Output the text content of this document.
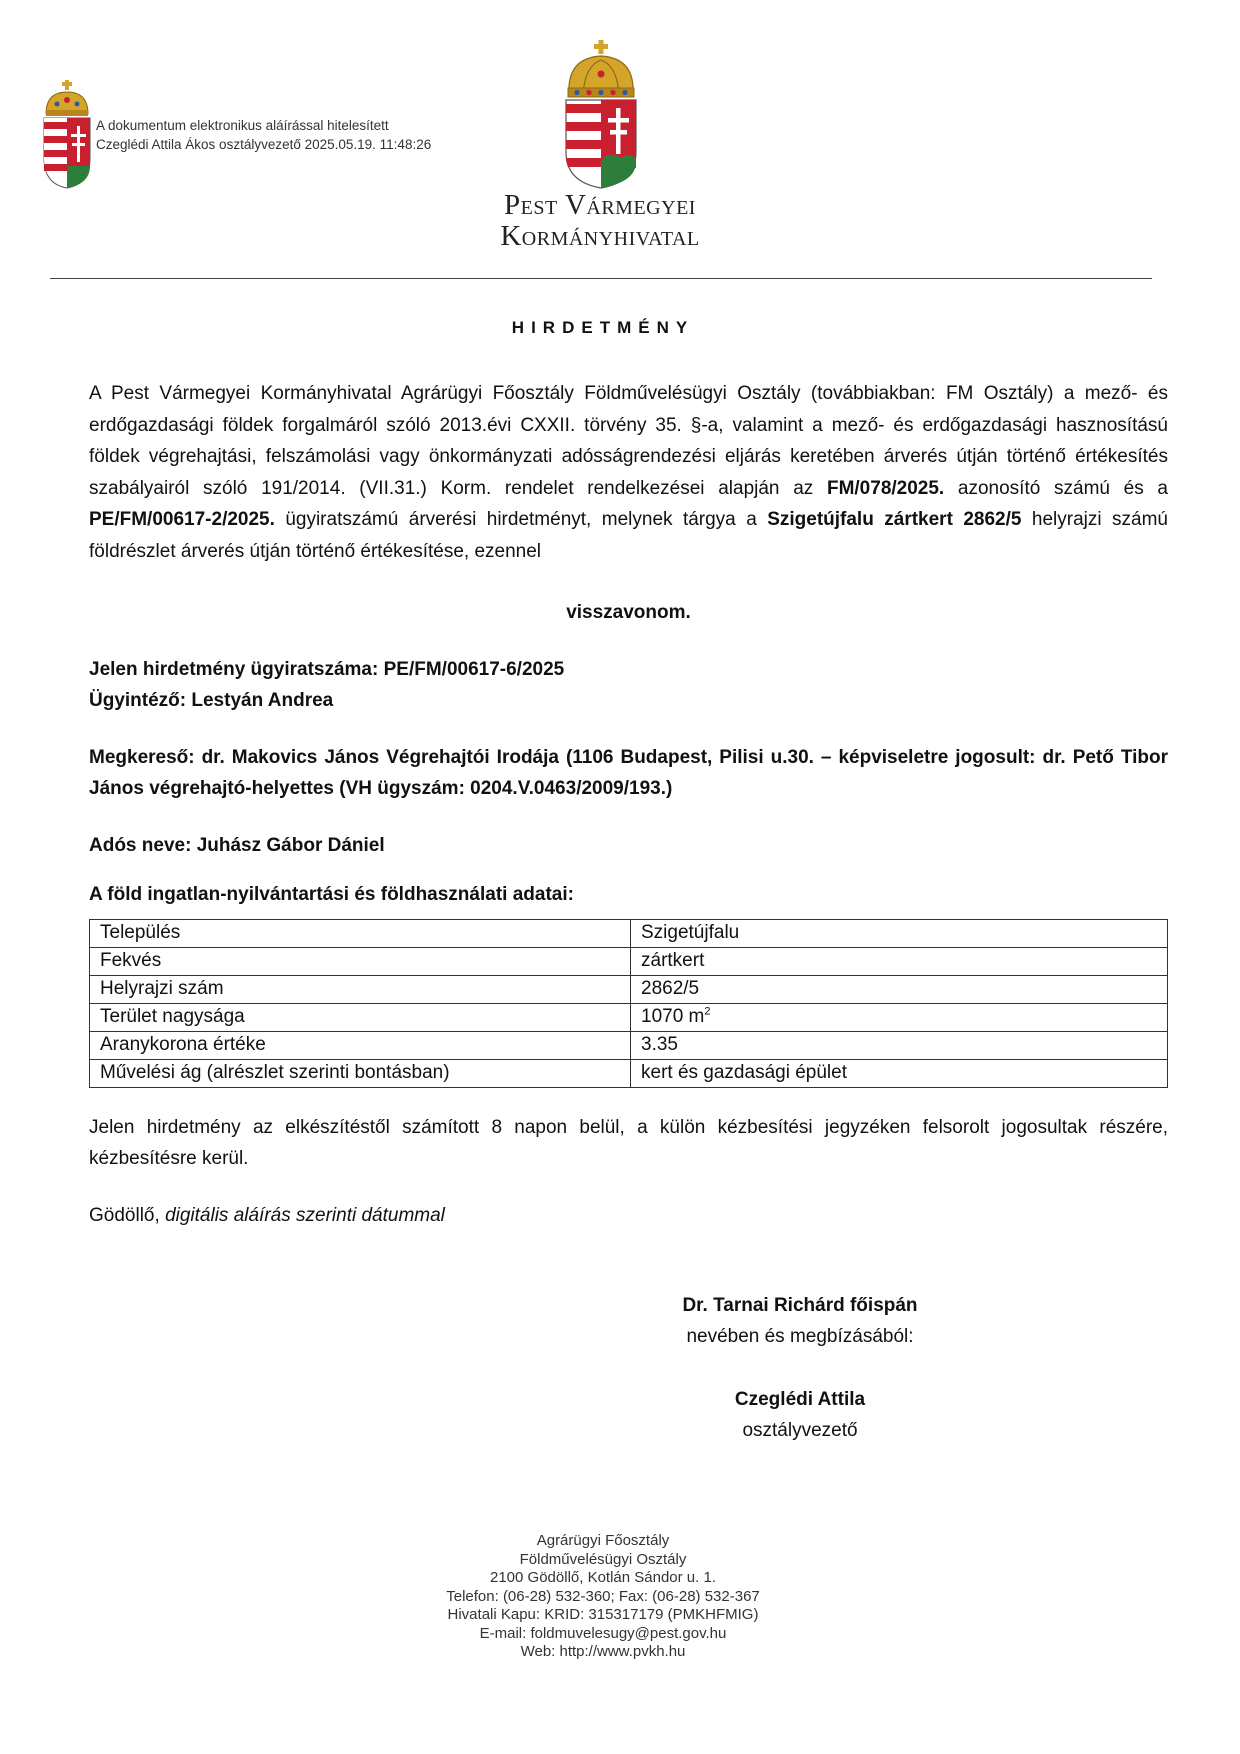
A dokumentum elektronikus aláírással hitelesített
Czeglédi Attila Ákos osztályvezető 2025.05.19. 11:48:26
Pest Vármegyei
Kormányhivatal
HIRDETMÉNY

A Pest Vármegyei Kormányhivatal Agrárügyi Főosztály Földművelésügyi Osztály (továbbiakban: FM Osztály) a mező- és erdőgazdasági földek forgalmáról szóló 2013.évi CXXII. törvény 35. §-a, valamint a mező- és erdőgazdasági hasznosítású földek végrehajtási, felszámolási vagy önkormányzati adósságrendezési eljárás keretében árverés útján történő értékesítés szabályairól szóló 191/2014. (VII.31.) Korm. rendelet rendelkezései alapján az FM/078/2025. azonosító számú és a PE/FM/00617-2/2025. ügyiratszámú árverési hirdetményt, melynek tárgya a Szigetújfalu zártkert 2862/5 helyrajzi számú földrészlet árverés útján történő értékesítése, ezennel

visszavonom.

Jelen hirdetmény ügyiratszáma: PE/FM/00617-6/2025

Ügyintéző: Lestyán Andrea

Megkereső: dr. Makovics János Végrehajtói Irodája (1106 Budapest, Pilisi u.30. – képviseletre jogosult: dr. Pető Tibor János végrehajtó-helyettes (VH ügyszám: 0204.V.0463/2009/193.)

Adós neve: Juhász Gábor Dániel

A föld ingatlan-nyilvántartási és földhasználati adatai:

Település	Szigetújfalu
Fekvés	zártkert
Helyrajzi szám	2862/5
Terület nagysága	1070 $m^2$
Aranykorona értéke	3.35
Művelési ág (alrészlet szerinti bontásban)	kert és gazdasági épület

Jelen hirdetmény az elkészítéstől számított 8 napon belül, a külön kézbesítési jegyzéken felsorolt jogosultak részére, kézbesítésre kerül.

Gödöllő, digitális aláírás szerinti dátummal

Dr. Tarnai Richárd főispán
nevében és megbízásából:
Czeglédi Attila
osztályvezető
Agrárügyi Főosztály
Földművelésügyi Osztály
2100 Gödöllő, Kotlán Sándor u. 1.
Telefon: (06-28) 532-360; Fax: (06-28) 532-367
Hivatali Kapu: KRID: 315317179 (PMKHFMIG)
E-mail: foldmuvelesugy@pest.gov.hu
Web: http://www.pvkh.hu
